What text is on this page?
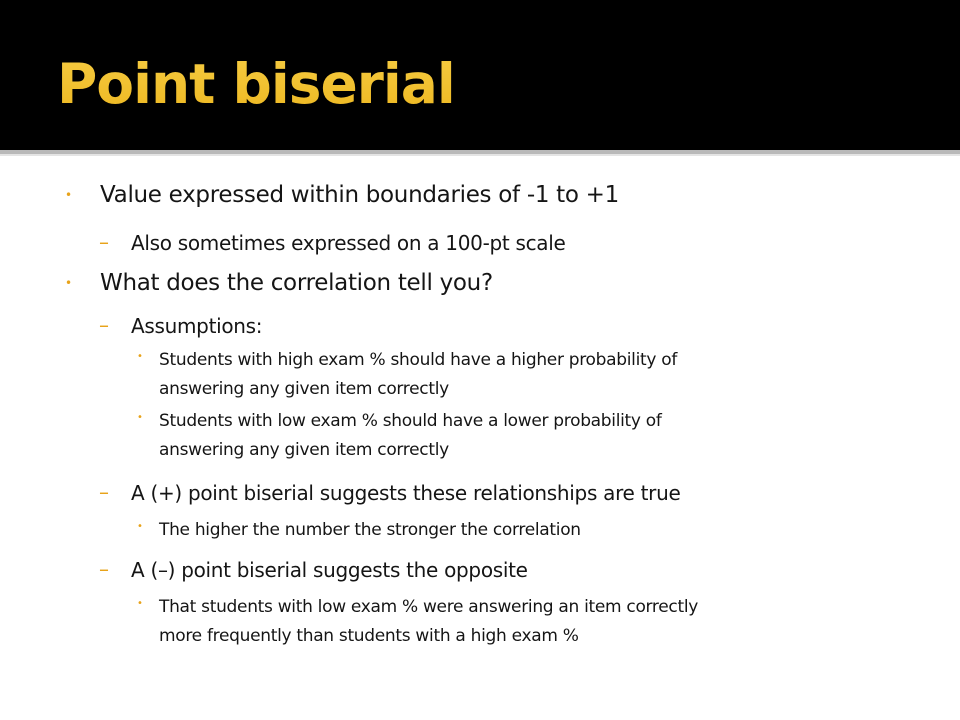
Point biserial
• Value expressed within boundaries of -1 to +1
– Also sometimes expressed on a 100-pt scale
• What does the correlation tell you?
– Assumptions:
• Students with high exam % should have a higher probability of
answering any given item correctly
• Students with low exam % should have a lower probability of
answering any given item correctly
– A (+) point biserial suggests these relationships are true
• The higher the number the stronger the correlation
– A (–) point biserial suggests the opposite
• That students with low exam % were answering an item correctly
more frequently than students with a high exam %
